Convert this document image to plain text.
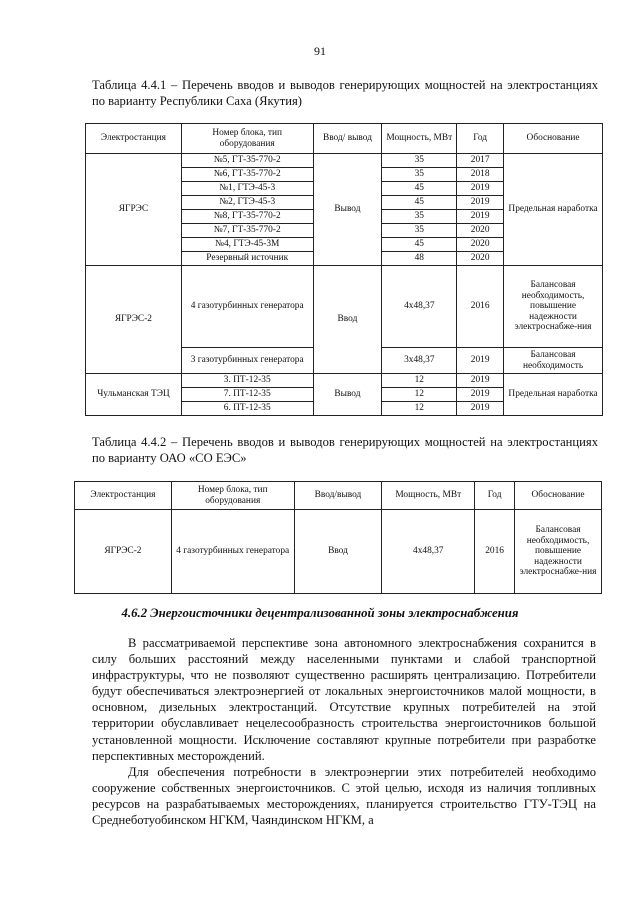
91
Таблица 4.4.1 – Перечень вводов и выводов генерирующих мощностей на электростанциях по варианту Республики Саха (Якутия)
Электростанция	Номер блока, тип оборудования	Ввод/ вывод	Мощность, МВт	Год	Обоснование
ЯГРЭС	№5, ГТ-35-770-2	Вывод	35	2017	Предельная наработка
	№6, ГТ-35-770-2		35	2018	
	№1, ГТЭ-45-3		45	2019	
	№2, ГТЭ-45-3		45	2019	
	№8, ГТ-35-770-2		35	2019	
	№7, ГТ-35-770-2		35	2020	
	№4, ГТЭ-45-3М		45	2020	
	Резервный источник		48	2020	
ЯГРЭС-2	4 газотурбинных генератора	Ввод	4х48,37	2016	Балансовая необходимость, повышение надежности электроснабже-ния
	3 газотурбинных генератора		3х48,37	2019	Балансовая необходимость
Чульманская ТЭЦ	3. ПТ-12-35	Вывод	12	2019	Предельная наработка
	7. ПТ-12-35		12	2019	
	6. ПТ-12-35		12	2019	
Таблица 4.4.2 – Перечень вводов и выводов генерирующих мощностей на электростанциях по варианту ОАО «СО ЕЭС»
Электростанция	Номер блока, тип оборудования	Ввод/вывод	Мощность, МВт	Год	Обоснование
ЯГРЭС-2	4 газотурбинных генератора	Ввод	4х48,37	2016	Балансовая необходимость, повышение надежности электроснабже-ния
4.6.2 Энергоисточники децентрализованной зоны электроснабжения

В рассматриваемой перспективе зона автономного электроснабжения сохранится в силу больших расстояний между населенными пунктами и слабой транспортной инфраструктуры, что не позволяют существенно расширять централизацию. Потребители будут обеспечиваться электроэнергией от локальных энергоисточников малой мощности, в основном, дизельных электростанций. Отсутствие крупных потребителей на этой территории обуславливает нецелесообразность строительства энергоисточников большой установленной мощности. Исключение составляют крупные потребители при разработке перспективных месторождений.

Для обеспечения потребности в электроэнергии этих потребителей необходимо сооружение собственных энергоисточников. С этой целью, исходя из наличия топливных ресурсов на разрабатываемых месторождениях, планируется строительство ГТУ-ТЭЦ на Среднеботуобинском НГКМ, Чаяндинском НГКМ, а
